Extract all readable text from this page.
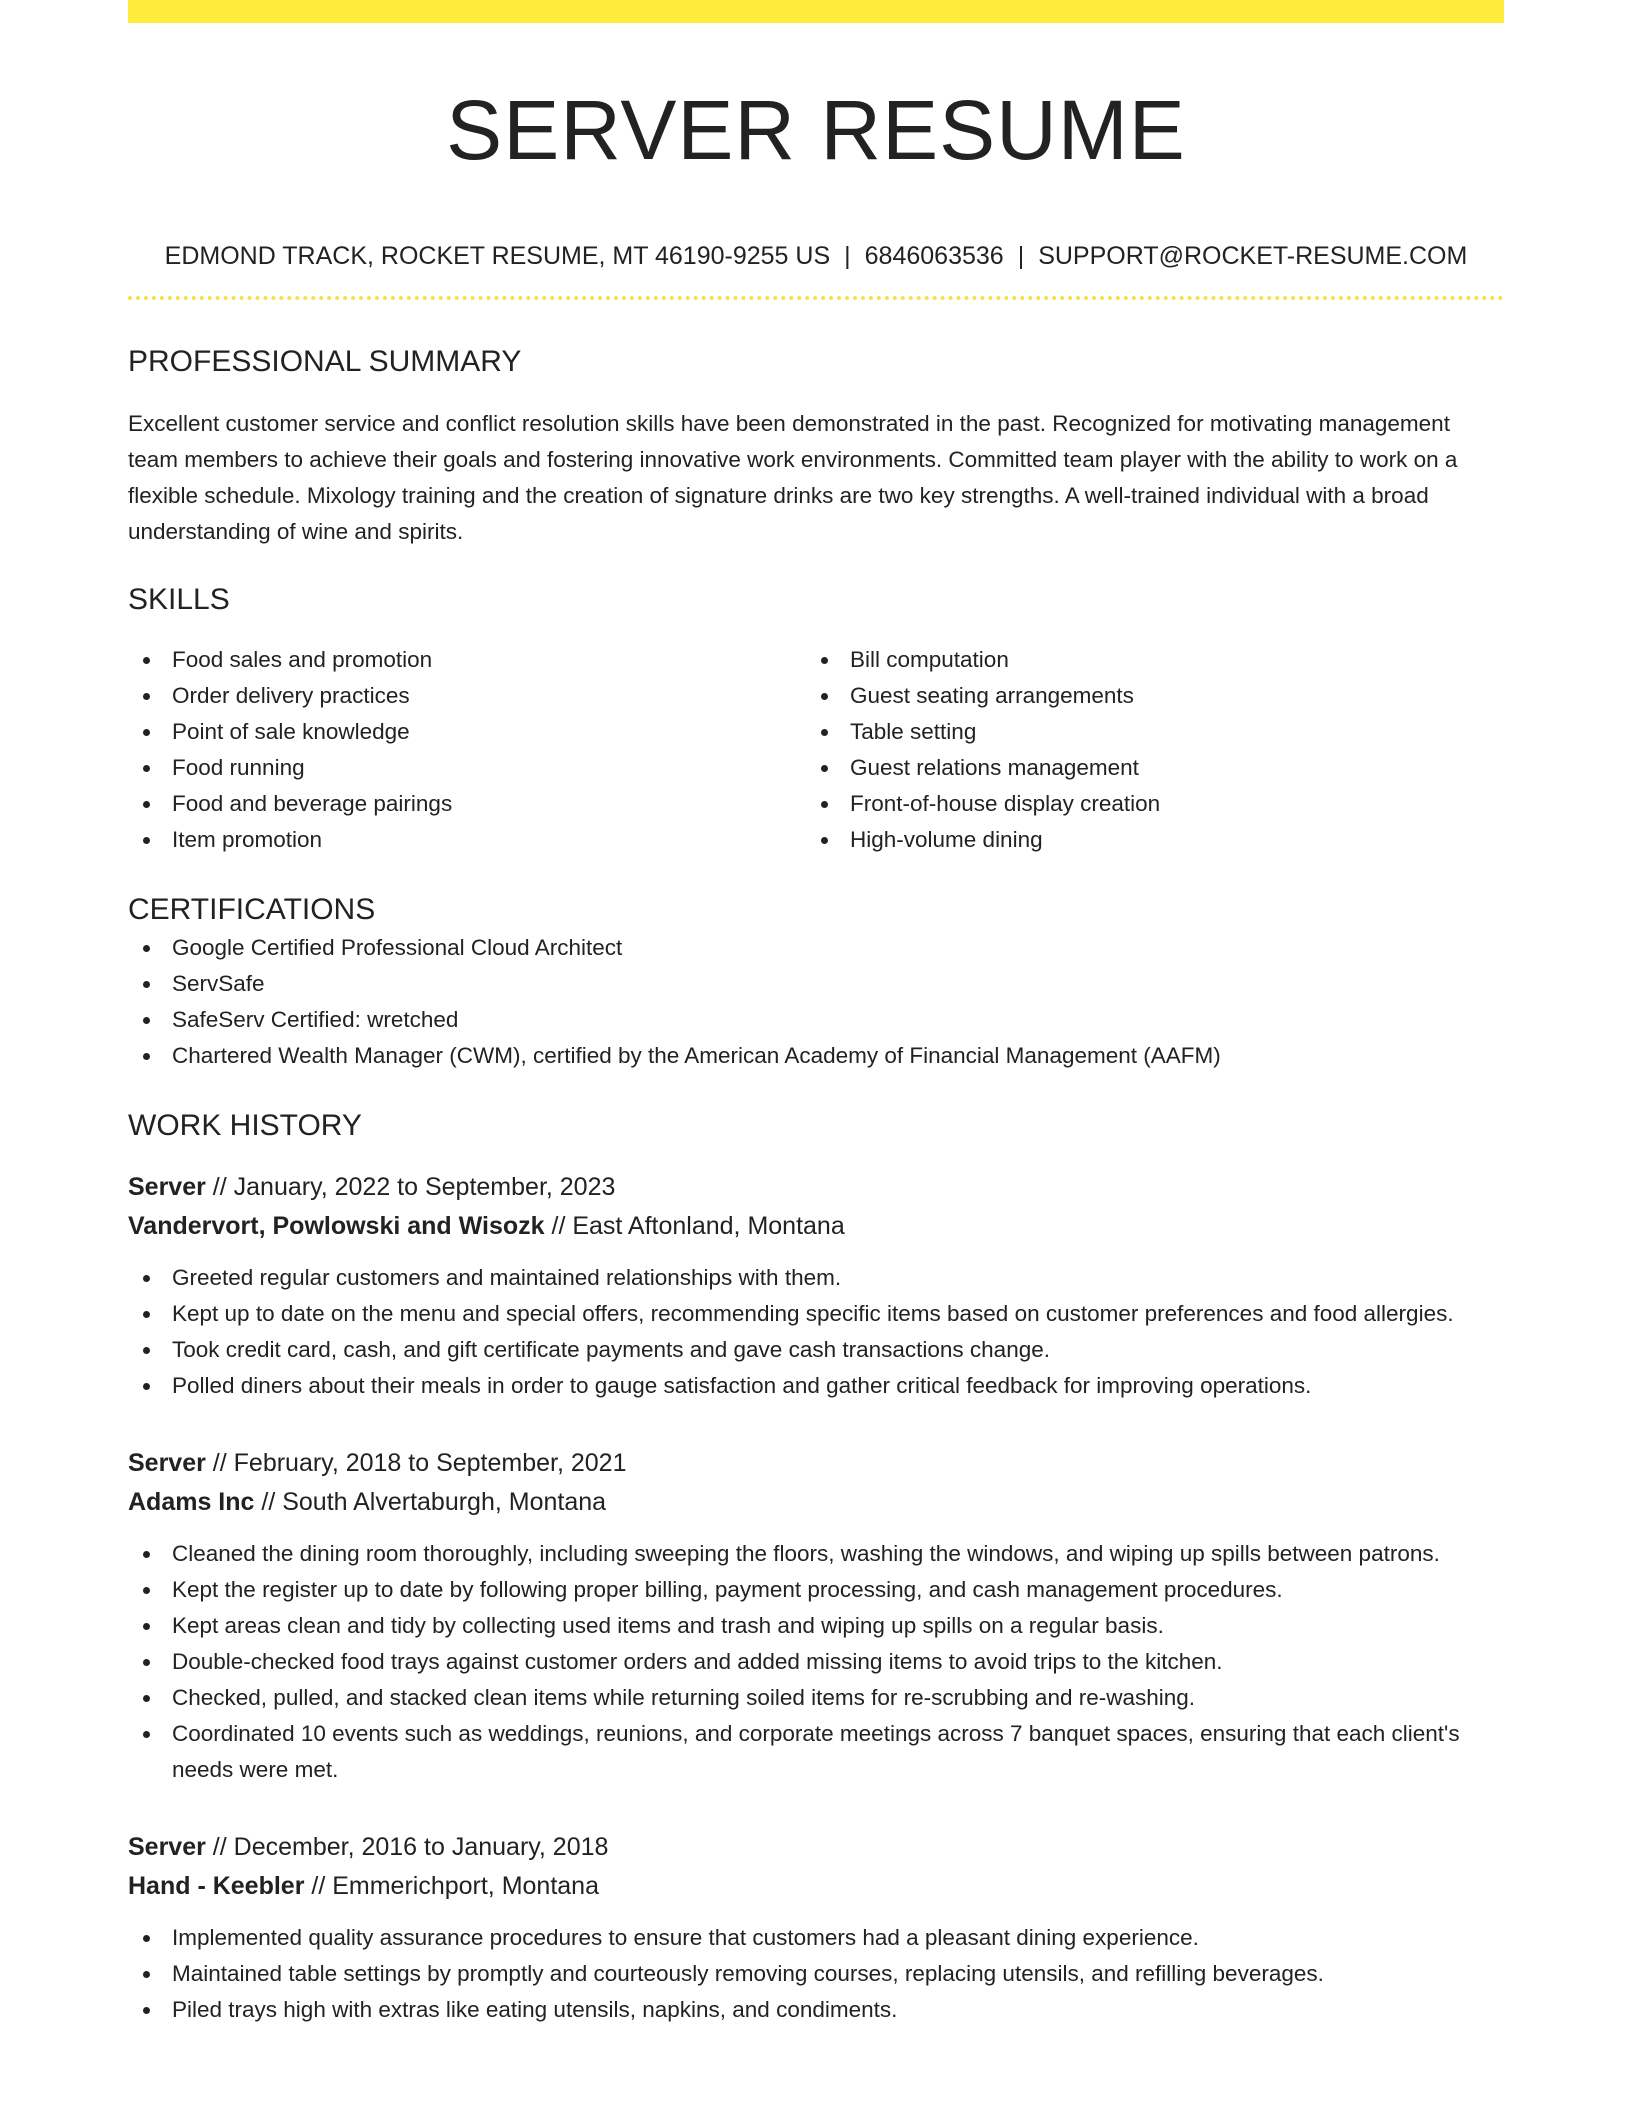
SERVER RESUME
EDMOND TRACK, ROCKET RESUME, MT 46190-9255 US | 6846063536 | SUPPORT@ROCKET-RESUME.COM
PROFESSIONAL SUMMARY
Excellent customer service and conflict resolution skills have been demonstrated in the past. Recognized for motivating management team members to achieve their goals and fostering innovative work environments. Committed team player with the ability to work on a flexible schedule. Mixology training and the creation of signature drinks are two key strengths. A well-trained individual with a broad understanding of wine and spirits.
SKILLS
Food sales and promotion
Order delivery practices
Point of sale knowledge
Food running
Food and beverage pairings
Item promotion
Bill computation
Guest seating arrangements
Table setting
Guest relations management
Front-of-house display creation
High-volume dining
CERTIFICATIONS
Google Certified Professional Cloud Architect
ServSafe
SafeServ Certified: wretched
Chartered Wealth Manager (CWM), certified by the American Academy of Financial Management (AAFM)
WORK HISTORY
Server // January, 2022 to September, 2023
Vandervort, Powlowski and Wisozk // East Aftonland, Montana
Greeted regular customers and maintained relationships with them.
Kept up to date on the menu and special offers, recommending specific items based on customer preferences and food allergies.
Took credit card, cash, and gift certificate payments and gave cash transactions change.
Polled diners about their meals in order to gauge satisfaction and gather critical feedback for improving operations.
Server // February, 2018 to September, 2021
Adams Inc // South Alvertaburgh, Montana
Cleaned the dining room thoroughly, including sweeping the floors, washing the windows, and wiping up spills between patrons.
Kept the register up to date by following proper billing, payment processing, and cash management procedures.
Kept areas clean and tidy by collecting used items and trash and wiping up spills on a regular basis.
Double-checked food trays against customer orders and added missing items to avoid trips to the kitchen.
Checked, pulled, and stacked clean items while returning soiled items for re-scrubbing and re-washing.
Coordinated 10 events such as weddings, reunions, and corporate meetings across 7 banquet spaces, ensuring that each client's needs were met.
Server // December, 2016 to January, 2018
Hand - Keebler // Emmerichport, Montana
Implemented quality assurance procedures to ensure that customers had a pleasant dining experience.
Maintained table settings by promptly and courteously removing courses, replacing utensils, and refilling beverages.
Piled trays high with extras like eating utensils, napkins, and condiments.
